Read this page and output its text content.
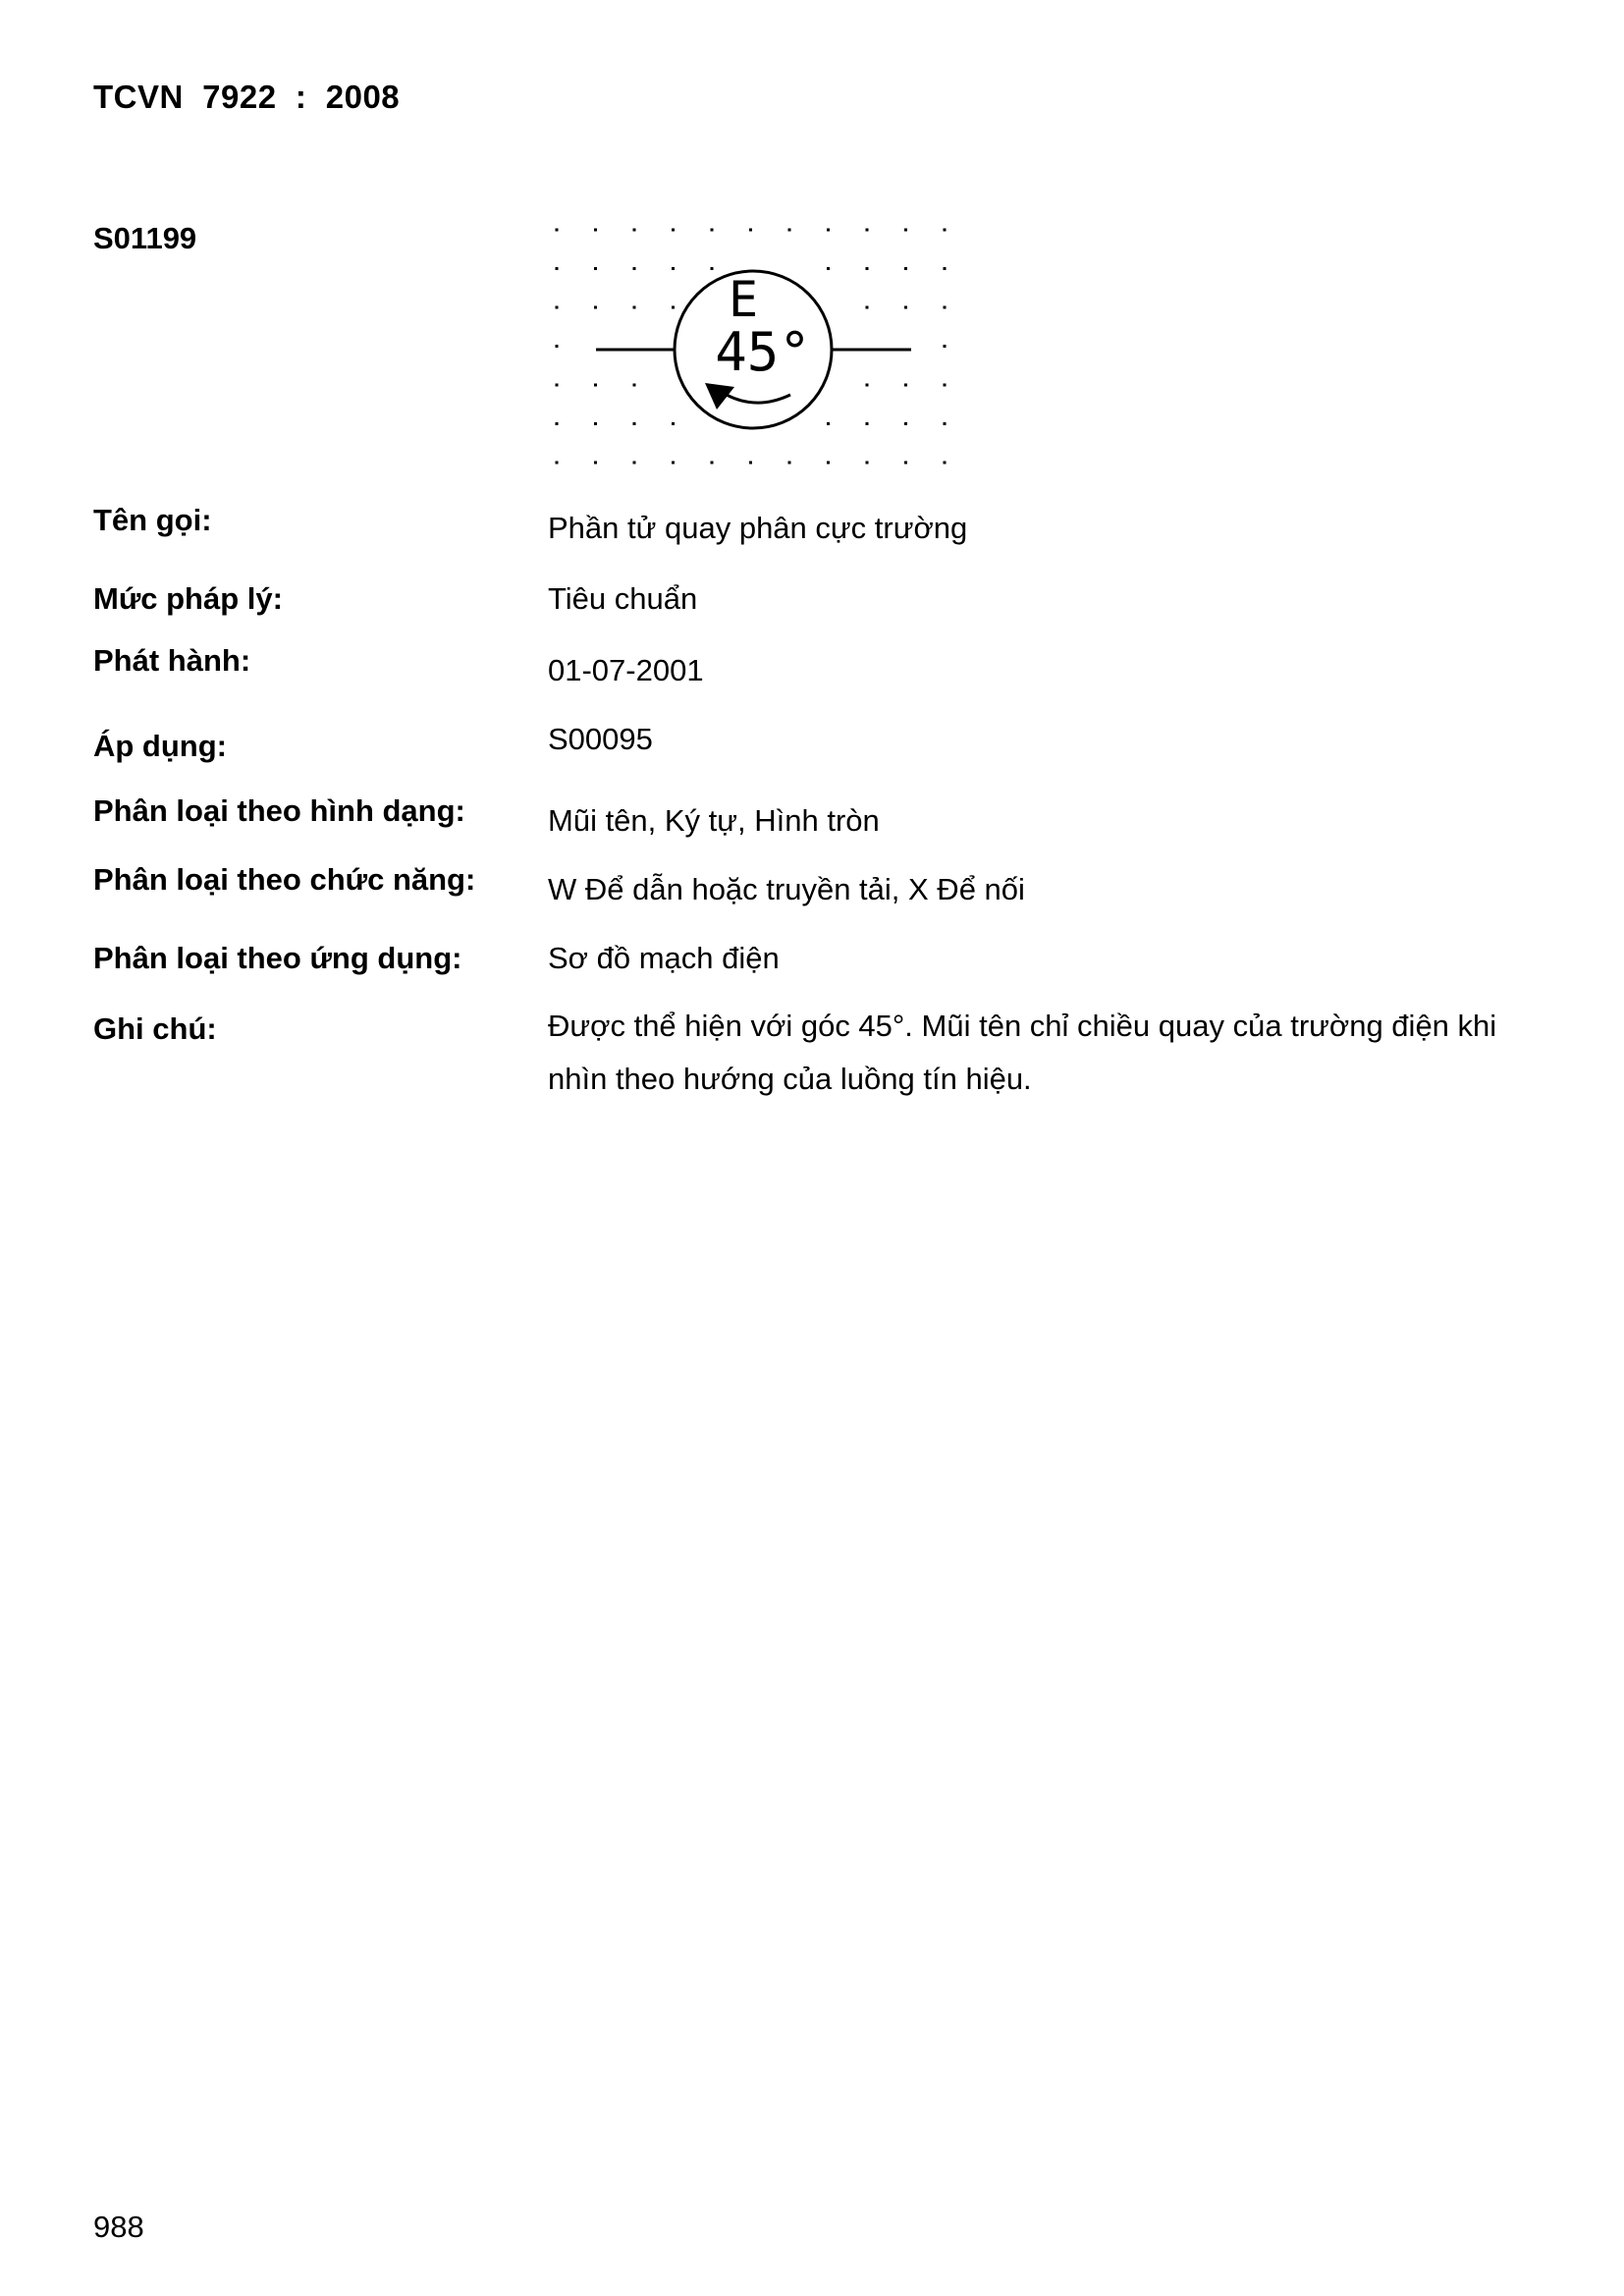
TCVN  7922  :  2008
S01199
E
45°
Tên gọi:	Phần tử quay phân cực trường
Mức pháp lý:	Tiêu chuẩn
Phát hành:	01-07-2001
Áp dụng:	S00095
Phân loại theo hình dạng:	Mũi tên, Ký tự, Hình tròn
Phân loại theo chức năng: W Để dẫn hoặc truyền tải, X Để nối
Phân loại theo ứng dụng:	Sơ đồ mạch điện
Ghi chú:	Được thể hiện với góc 45°. Mũi tên chỉ chiều quay của trường điện khi nhìn theo hướng của luồng tín hiệu.
988
